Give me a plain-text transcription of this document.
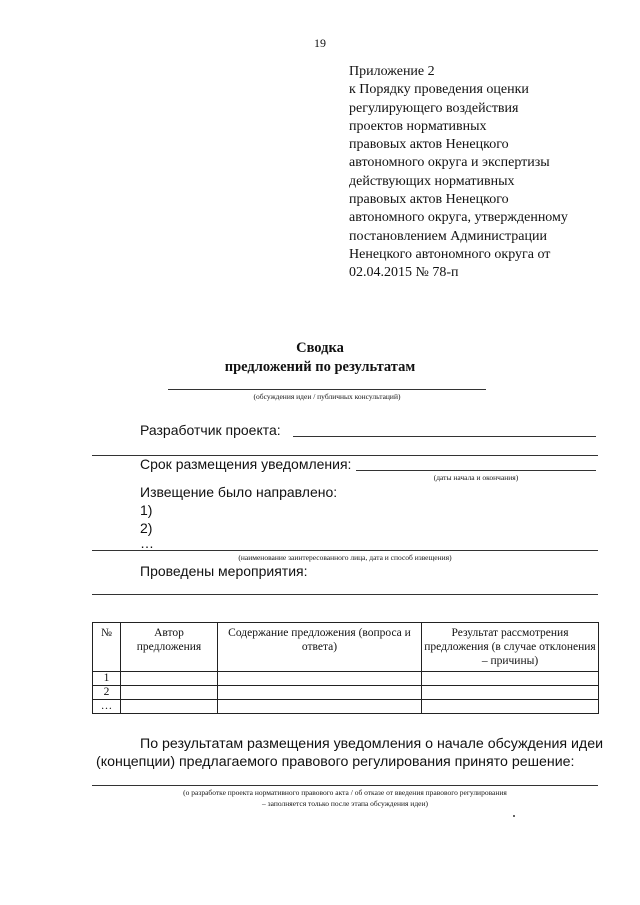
19
Приложение 2
к Порядку проведения оценки
регулирующего воздействия
проектов нормативных
правовых актов Ненецкого
автономного округа и экспертизы
действующих нормативных
правовых актов Ненецкого
автономного округа, утвержденному
постановлением Администрации
Ненецкого автономного округа от
02.04.2015 № 78-п
Сводка
предложений по результатам
(обсуждения идеи / публичных консультаций)
Разработчик проекта:
Срок размещения уведомления:
(даты начала и окончания)
Извещение было направлено:
1)
2)
…
(наименование заинтересованного лица, дата и способ извещения)
Проведены мероприятия:
№	Автор предложения	Содержание предложения (вопроса и ответа)	Результат рассмотрения предложения (в случае отклонения – причины)
1			
2			
…			
По результатам размещения уведомления о начале обсуждения идеи (концепции) предлагаемого правового регулирования принято решение:
(о разработке проекта нормативного правового акта / об отказе от введения правового регулирования
– заполняется только после этапа обсуждения идеи)
